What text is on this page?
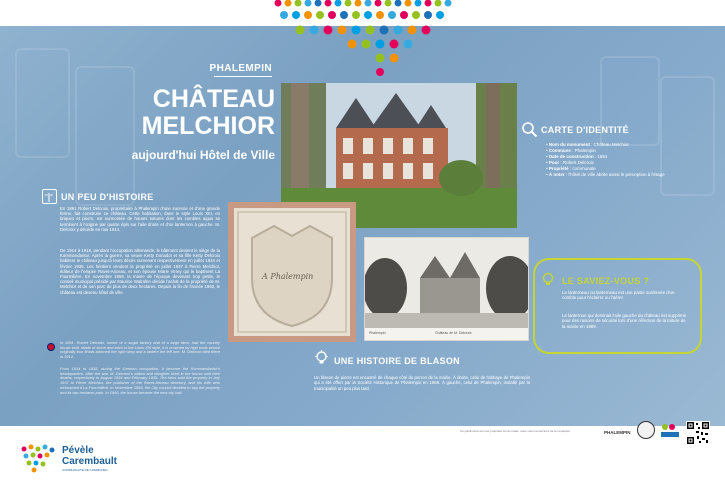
PHALEMPIN
CHÂTEAU
MELCHIOR
aujourd'hui Hôtel de Ville
UN PEU D'HISTOIRE
En 1891 Robert Delcroix, propriétaire à Phalempin d'une sucrerie et d'une grande ferme, fait construire ce château. Cette habitation, dans le style Louis XIII, en briques et pierre, est surmontée de hautes toitures dont les combles aigus se terminent à l'origine par quatre épis sur l'aile droite et d'un lanternon à gauche. M. Delcroix y décède en mai 1914.
De 1914 à 1918, pendant l'occupation allemande, le bâtiment devient le siège de la Kommandantur. Après la guerre, sa veuve Ketty Donadoï et sa fille Ketty Delcroix habitent le château jusqu'à leurs décès survenant respectivement en juillet 1934 et février 1935. Les héritiers vendent la propriété en juillet 1937 à Pierre Melchior, éditeur de l'empire Ravet-Anceau, et son épouse Marie Verey qui le baptisent La Fourmilière. En novembre 1959, la mairie de l'époque devenant trop petite, le conseil municipal présidé par Maurice Walrafen décide l'achat de la propriété de M. Melchior et de son parc de plus de deux hectares. Depuis la fin de l'année 1960, le château est devenu hôtel de ville.
In 1891, Robert Delcroix, owner of a sugar factory and of a large farm, had the country house built. Made of stone and brick in the Louis XIII style, it is crowned by high roofs whose originally four finials adorned the right wing and a lantern the left one. M. Delcroix died there in 1914.
From 1914 to 1918, during the German occupation, it became the Kommandantur's headquarters. After the war, M. Delcroix's widow and daughter lived in the house until their deaths, respectively in August 1934 and February 1935. The heirs sold the property in July 1937 to Pierre Melchior, the publisher of the Ravet-Anceau directory, and his wife who nicknamed it La Fourmilière. In November 1959, the City council decided to buy the property and its two hectares park. In 1960, the house became the new city hall.
A Phalempin
Phalempin	Château de M. Delcroix
CARTE D'IDENTITÉ
• Nom du monument : Château Melchior
• Commune : Phalempin
• Date de construction : 1891
• Pour : Robert Delcroix
• Propriété : communale
• À noter : l'hôtel de ville abrite aussi le perception à l'étage
LE SAVIEZ-VOUS ?
Le lanterneau ou lanterneau est une partie surélevée d'un comble pour l'éclairer ou l'aérer.
Le lanternon qui dominait l'aile gauche du château est supprimé pour des raisons de sécurité lors d'une réfection de la toiture de la mairie en 1989.
UNE HISTOIRE DE BLASON
Un blason de pierre est encastré de chaque côté du perron de la mairie. À droite, celui de l'abbaye de Phalempin qui a été offert par la Société Historique de Phalempin en 1968. À gauche, celui de Phalempin, installé par la municipalité un peu plus tard.
Pévèle
Carembault
COMMUNAUTÉ DE COMMUNES
Ce patrimoine est une propriété communale, nous vous remercions de le respecter.	PHALEMPIN
